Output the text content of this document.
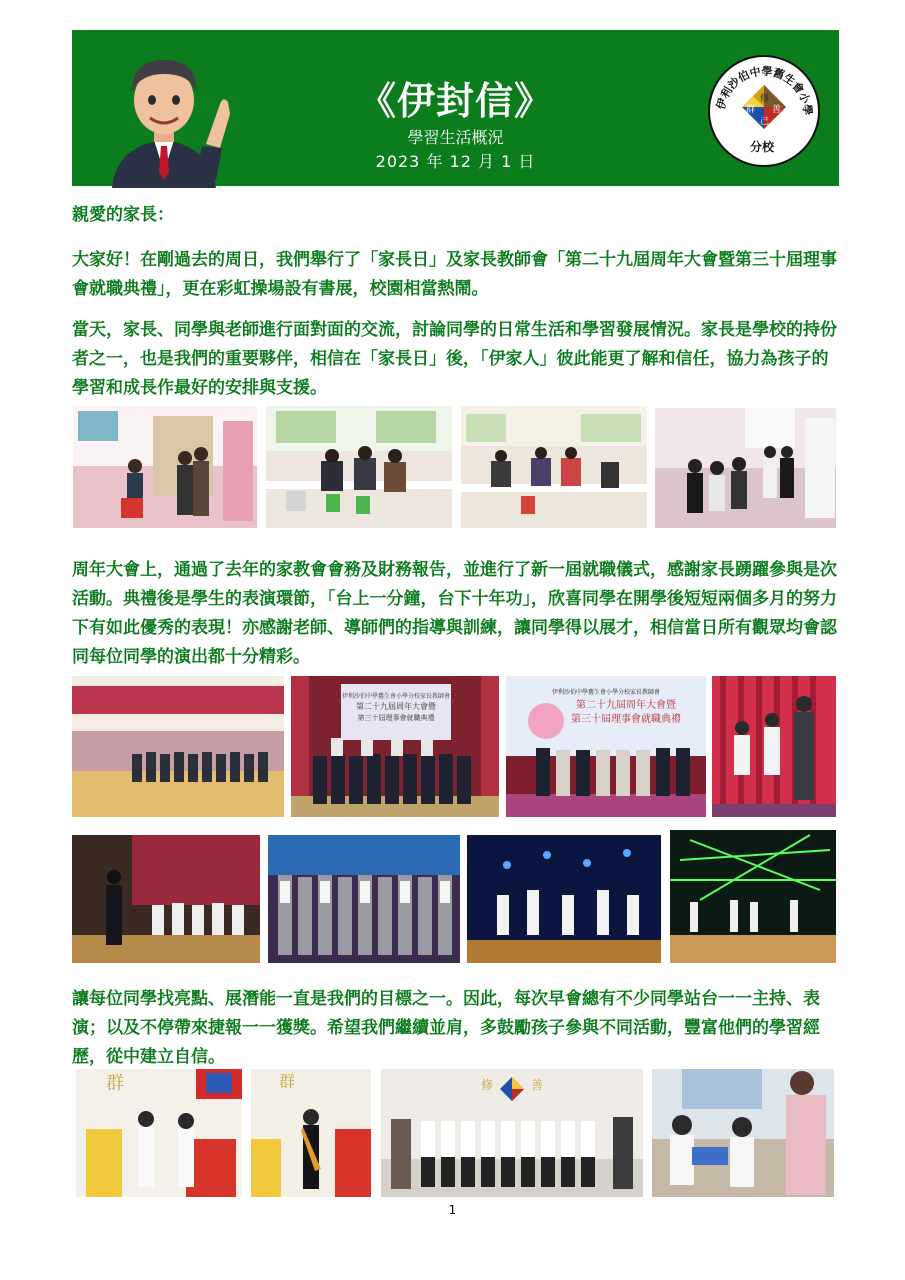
《伊封信》
學習生活概況
2023 年 12 月 1 日
伊利沙伯中學舊生會小學
修
善
群
己
分校

親愛的家長：

大家好！在剛過去的周日，我們舉行了「家長日」及家長教師會「第二十九屆周年大會暨第三十屆理事會就職典禮」，更在彩虹操場設有書展，校園相當熱鬧。

當天，家長、同學與老師進行面對面的交流，討論同學的日常生活和學習發展情況。家長是學校的持份者之一，也是我們的重要夥伴，相信在「家長日」後，「伊家人」彼此能更了解和信任，協力為孩子的學習和成長作最好的安排與支援。

周年大會上，通過了去年的家教會會務及財務報告，並進行了新一屆就職儀式，感謝家長踴躍參與是次活動。典禮後是學生的表演環節，「台上一分鐘，台下十年功」，欣喜同學在開學後短短兩個多月的努力下有如此優秀的表現！亦感謝老師、導師們的指導與訓練，讓同學得以展才，相信當日所有觀眾均會認同每位同學的演出都十分精彩。

伊利沙伯中學舊生會小學分校家長教師會
第二十九屆周年大會暨
第三十屆理事會就職典禮
伊利沙伯中學舊生會小學分校家長教師會
第二十九屆周年大會暨
第三十屆理事會就職典禮

讓每位同學找亮點、展潛能一直是我們的目標之一。因此，每次早會總有不少同學站台一一主持、表演；以及不停帶來捷報一一獲獎。希望我們繼續並肩，多鼓勵孩子參與不同活動，豐富他們的學習經歷，從中建立自信。

群	群	修	善
1
